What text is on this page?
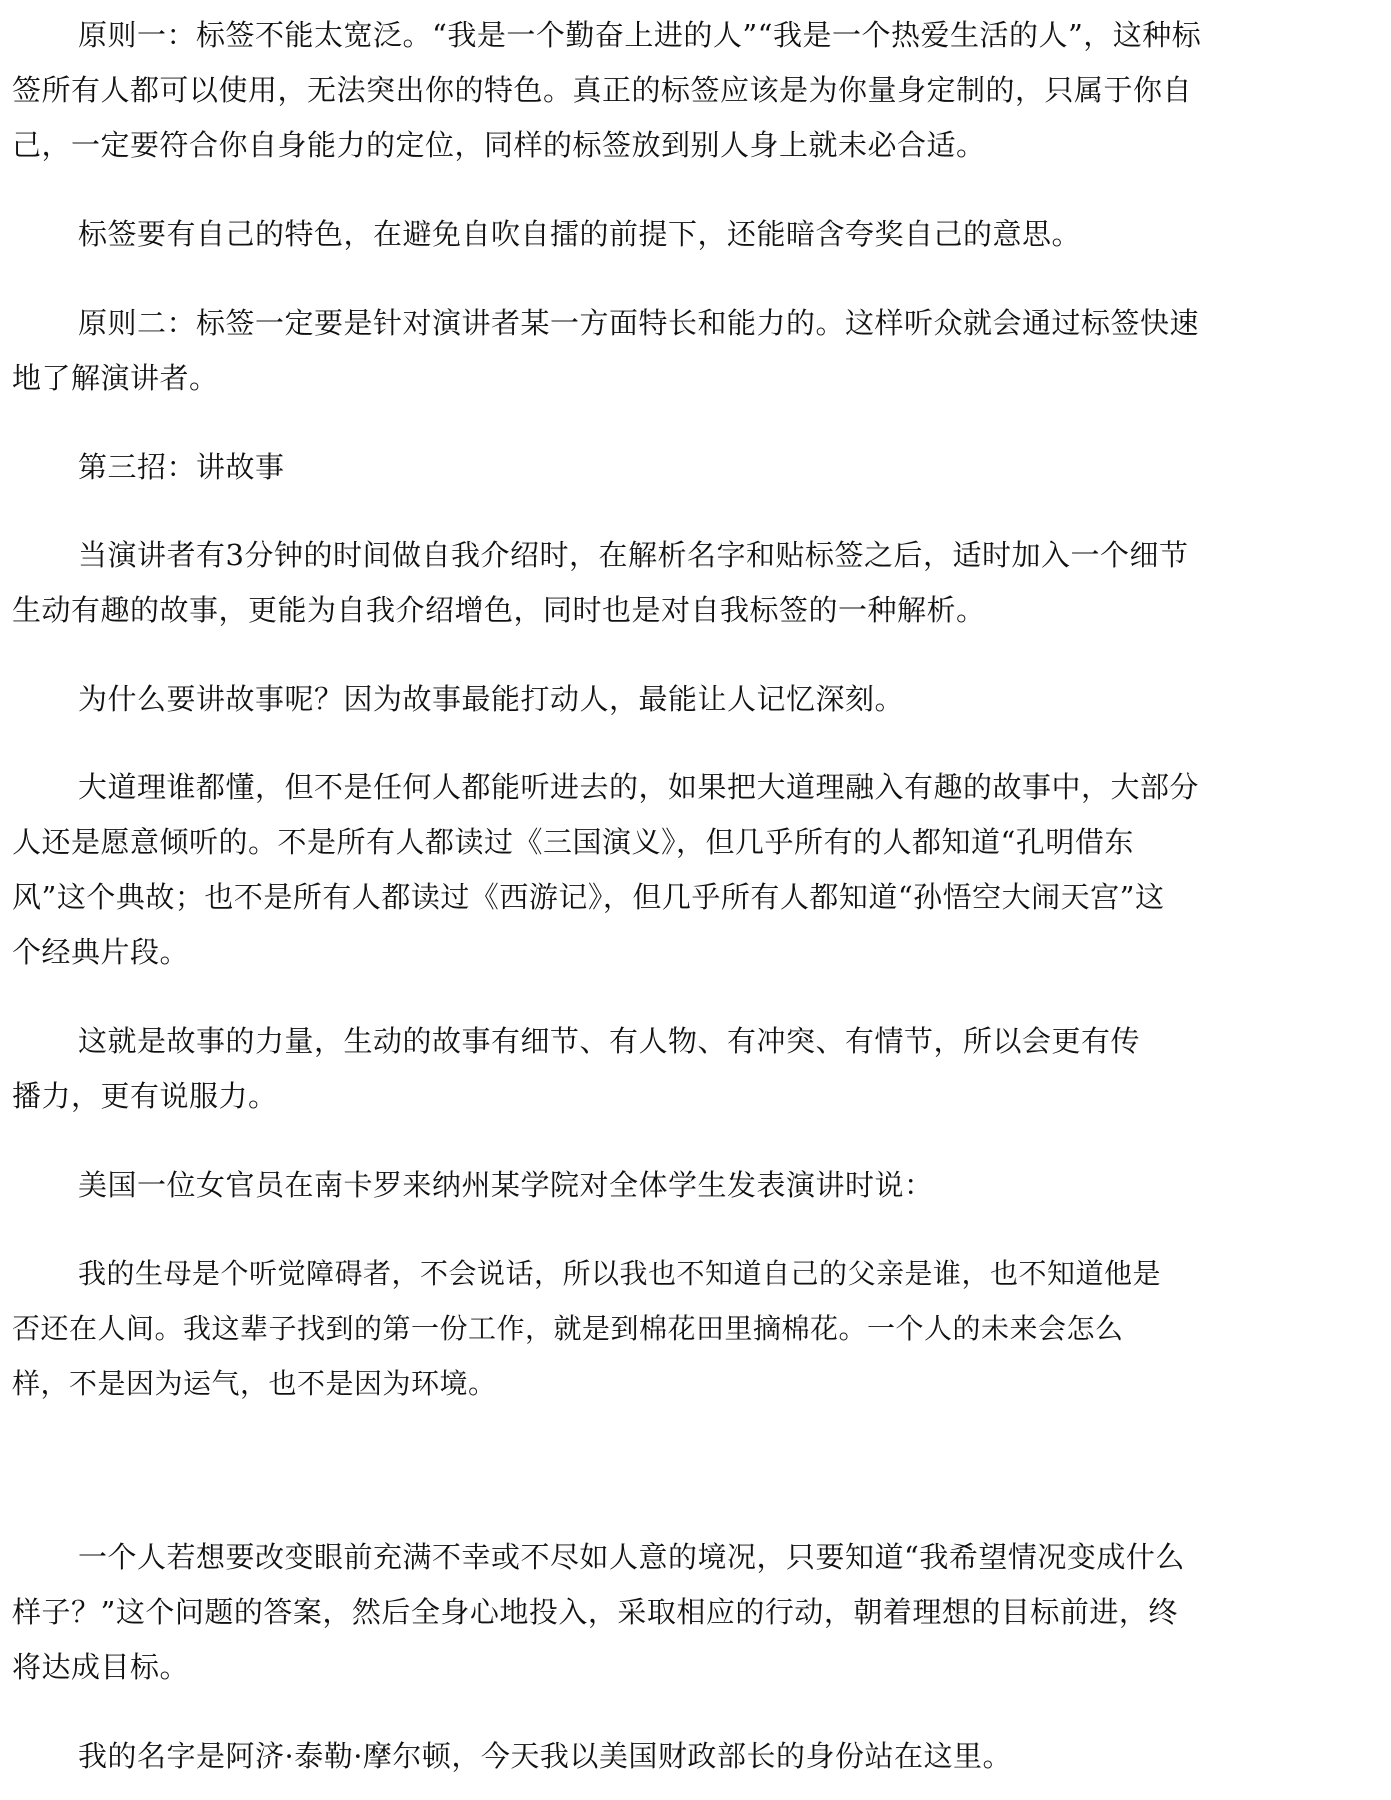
原则一：标签不能太宽泛。“我是一个勤奋上进的人”“我是一个热爱生活的人”，这种标
签所有人都可以使用，无法突出你的特色。真正的标签应该是为你量身定制的，只属于你自
己，一定要符合你自身能力的定位，同样的标签放到别人身上就未必合适。
标签要有自己的特色，在避免自吹自擂的前提下，还能暗含夸奖自己的意思。
原则二：标签一定要是针对演讲者某一方面特长和能力的。这样听众就会通过标签快速
地了解演讲者。
第三招：讲故事
当演讲者有3分钟的时间做自我介绍时，在解析名字和贴标签之后，适时加入一个细节
生动有趣的故事，更能为自我介绍增色，同时也是对自我标签的一种解析。
为什么要讲故事呢？因为故事最能打动人，最能让人记忆深刻。
大道理谁都懂，但不是任何人都能听进去的，如果把大道理融入有趣的故事中，大部分
人还是愿意倾听的。不是所有人都读过《三国演义》，但几乎所有的人都知道“孔明借东
风”这个典故；也不是所有人都读过《西游记》，但几乎所有人都知道“孙悟空大闹天宫”这
个经典片段。
这就是故事的力量，生动的故事有细节、有人物、有冲突、有情节，所以会更有传
播力，更有说服力。
美国一位女官员在南卡罗来纳州某学院对全体学生发表演讲时说：
我的生母是个听觉障碍者，不会说话，所以我也不知道自己的父亲是谁，也不知道他是
否还在人间。我这辈子找到的第一份工作，就是到棉花田里摘棉花。一个人的未来会怎么
样，不是因为运气，也不是因为环境。
一个人若想要改变眼前充满不幸或不尽如人意的境况，只要知道“我希望情况变成什么
样子？”这个问题的答案，然后全身心地投入，采取相应的行动，朝着理想的目标前进，终
将达成目标。
我的名字是阿济·泰勒·摩尔顿，今天我以美国财政部长的身份站在这里。
